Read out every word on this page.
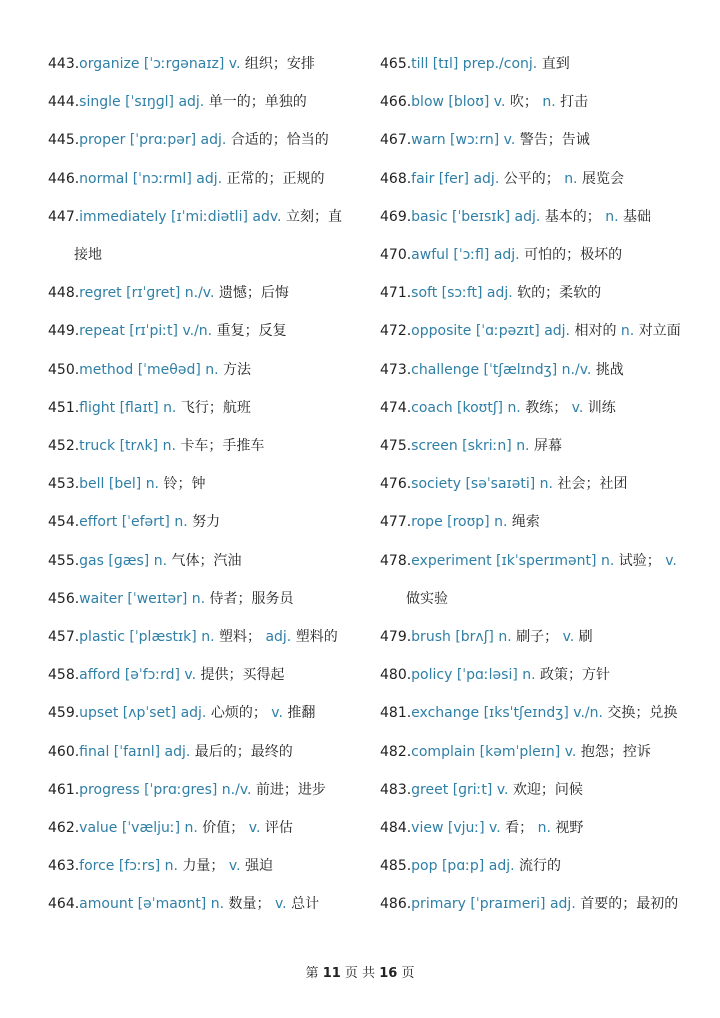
443.organize [ˈɔːrɡənaɪz] v. 组织；安排
444.single [ˈsɪŋɡl] adj. 单一的；单独的
445.proper [ˈprɑːpər] adj. 合适的；恰当的
446.normal [ˈnɔːrml] adj. 正常的；正规的
447.immediately [ɪˈmiːdiətli] adv. 立刻；直
接地
448.regret [rɪˈɡret] n./v. 遗憾；后悔
449.repeat [rɪˈpiːt] v./n. 重复；反复
450.method [ˈmeθəd] n. 方法
451.flight [flaɪt] n. 飞行；航班
452.truck [trʌk] n. 卡车；手推车
453.bell [bel] n. 铃；钟
454.effort [ˈefərt] n. 努力
455.gas [ɡæs] n. 气体；汽油
456.waiter [ˈweɪtər] n. 侍者；服务员
457.plastic [ˈplæstɪk] n. 塑料； adj. 塑料的
458.afford [əˈfɔːrd] v. 提供；买得起
459.upset [ʌpˈset] adj. 心烦的； v. 推翻
460.final [ˈfaɪnl] adj. 最后的；最终的
461.progress [ˈprɑːɡres] n./v. 前进；进步
462.value [ˈvæljuː] n. 价值； v. 评估
463.force [fɔːrs] n. 力量； v. 强迫
464.amount [əˈmaʊnt] n. 数量； v. 总计
465.till [tɪl] prep./conj. 直到
466.blow [bloʊ] v. 吹； n. 打击
467.warn [wɔːrn] v. 警告；告诫
468.fair [fer] adj. 公平的； n. 展览会
469.basic [ˈbeɪsɪk] adj. 基本的； n. 基础
470.awful [ˈɔːfl] adj. 可怕的；极坏的
471.soft [sɔːft] adj. 软的；柔软的
472.opposite [ˈɑːpəzɪt] adj. 相对的 n. 对立面
473.challenge [ˈtʃælɪndʒ] n./v. 挑战
474.coach [koʊtʃ] n. 教练； v. 训练
475.screen [skriːn] n. 屏幕
476.society [səˈsaɪəti] n. 社会；社团
477.rope [roʊp] n. 绳索
478.experiment [ɪkˈsperɪmənt] n. 试验； v.
做实验
479.brush [brʌʃ] n. 刷子； v. 刷
480.policy [ˈpɑːləsi] n. 政策；方针
481.exchange [ɪksˈtʃeɪndʒ] v./n. 交换；兑换
482.complain [kəmˈpleɪn] v. 抱怨；控诉
483.greet [ɡriːt] v. 欢迎；问候
484.view [vjuː] v. 看； n. 视野
485.pop [pɑːp] adj. 流行的
486.primary [ˈpraɪmeri] adj. 首要的；最初的
第 11 页 共 16 页
